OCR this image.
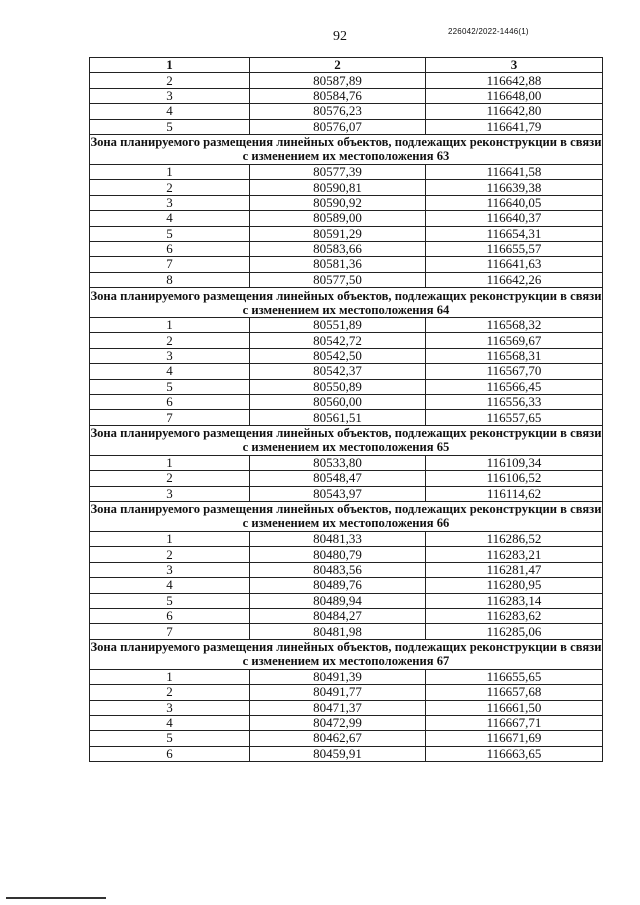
92	226042/2022-1446(1)
1	2	3
2	80587,89	116642,88
3	80584,76	116648,00
4	80576,23	116642,80
5	80576,07	116641,79
Зона планируемого размещения линейных объектов, подлежащих реконструкции в связи с изменением их местоположения 63		
1	80577,39	116641,58
2	80590,81	116639,38
3	80590,92	116640,05
4	80589,00	116640,37
5	80591,29	116654,31
6	80583,66	116655,57
7	80581,36	116641,63
8	80577,50	116642,26
Зона планируемого размещения линейных объектов, подлежащих реконструкции в связи с изменением их местоположения 64		
1	80551,89	116568,32
2	80542,72	116569,67
3	80542,50	116568,31
4	80542,37	116567,70
5	80550,89	116566,45
6	80560,00	116556,33
7	80561,51	116557,65
Зона планируемого размещения линейных объектов, подлежащих реконструкции в связи с изменением их местоположения 65		
1	80533,80	116109,34
2	80548,47	116106,52
3	80543,97	116114,62
Зона планируемого размещения линейных объектов, подлежащих реконструкции в связи с изменением их местоположения 66		
1	80481,33	116286,52
2	80480,79	116283,21
3	80483,56	116281,47
4	80489,76	116280,95
5	80489,94	116283,14
6	80484,27	116283,62
7	80481,98	116285,06
Зона планируемого размещения линейных объектов, подлежащих реконструкции в связи с изменением их местоположения 67		
1	80491,39	116655,65
2	80491,77	116657,68
3	80471,37	116661,50
4	80472,99	116667,71
5	80462,67	116671,69
6	80459,91	116663,65
